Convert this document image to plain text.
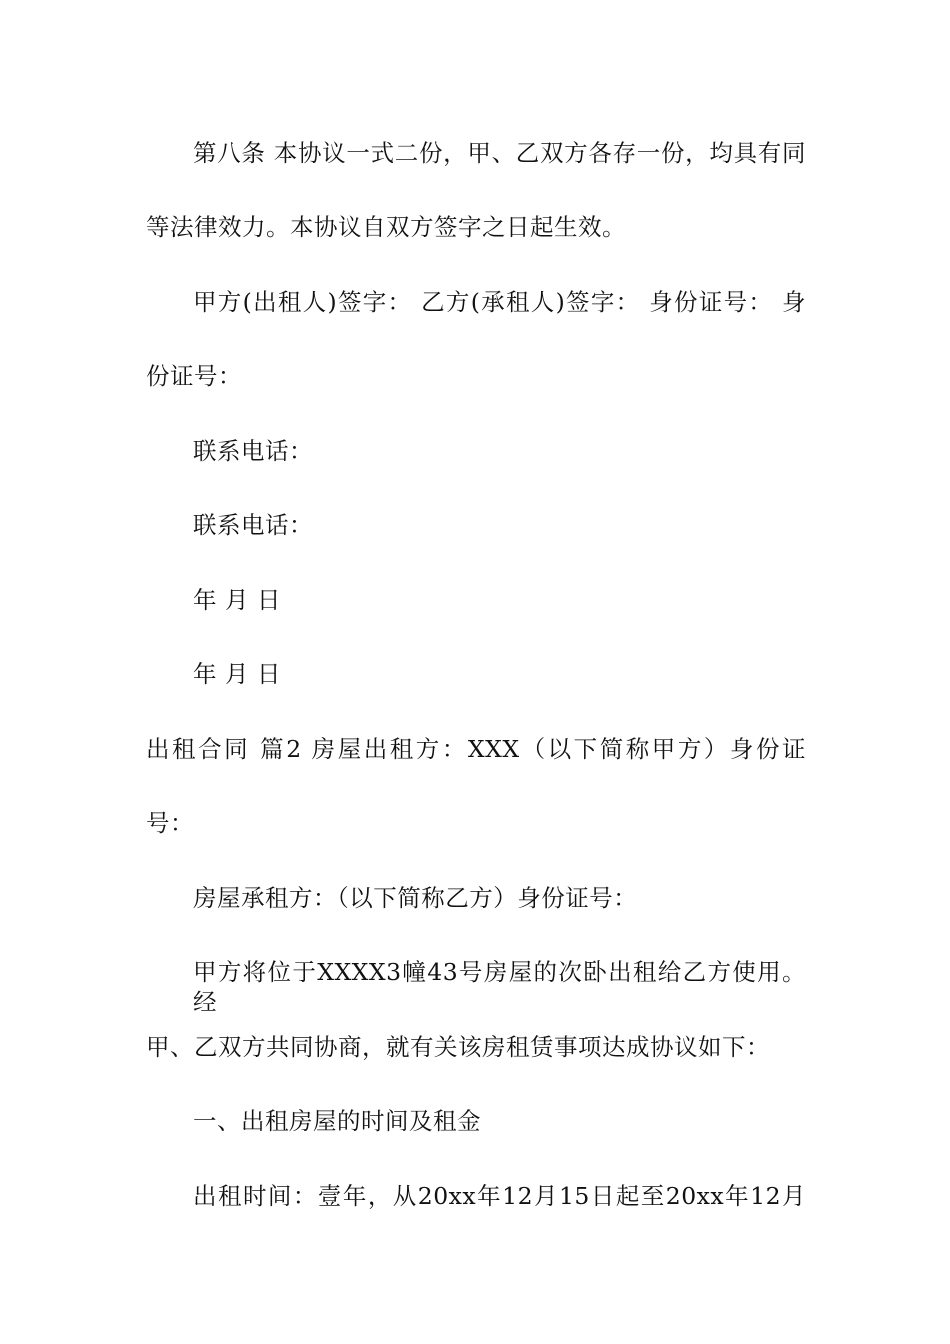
第八条 本协议一式二份，甲、乙双方各存一份，均具有同
等法律效力。本协议自双方签字之日起生效。
甲方(出租人)签字： 乙方(承租人)签字： 身份证号： 身
份证号：
联系电话：
联系电话：
年 月 日
年 月 日
出租合同 篇2 房屋出租方：XXX（以下简称甲方）身份证
号：
房屋承租方：（以下简称乙方）身份证号：
甲方将位于XXXX3幢43号房屋的次卧出租给乙方使用。经
甲、乙双方共同协商，就有关该房租赁事项达成协议如下：
一、出租房屋的时间及租金
出租时间：壹年，从20xx年12月15日起至20xx年12月
